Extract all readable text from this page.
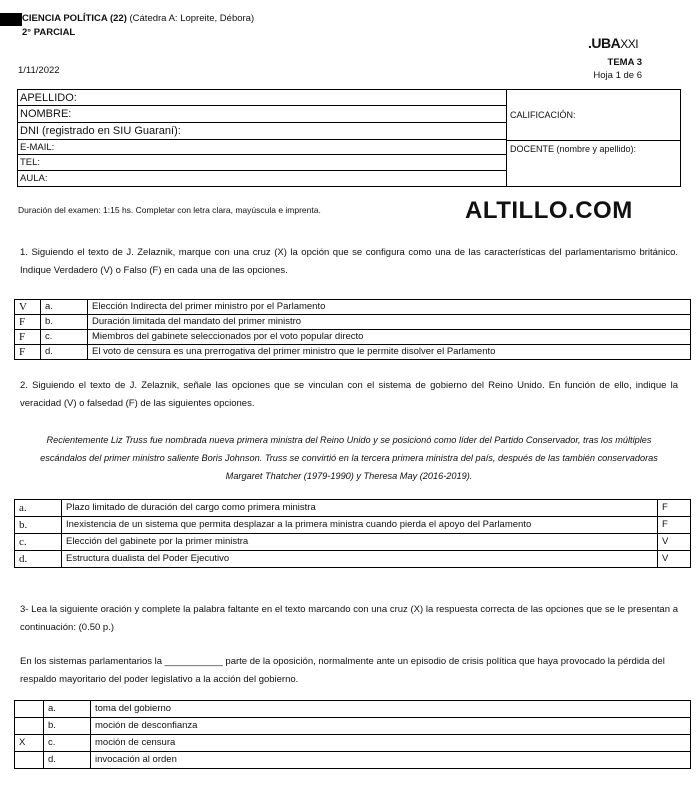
CIENCIA POLÍTICA (22) (Cátedra A: Lopreite, Débora)
2° PARCIAL
.UBAXXI
1/11/2022
TEMA 3
Hoja 1 de 6
APELLIDO:
NOMBRE:
DNI (registrado en SIU Guaraní):
E-MAIL:
TEL:
AULA:
CALIFICACIÓN:
DOCENTE (nombre y apellido):
Duración del examen: 1:15 hs. Completar con letra clara, mayúscula e imprenta.	ALTILLO.COM
1. Siguiendo el texto de J. Zelaznik, marque con una cruz (X) la opción que se configura como una de las características del parlamentarismo británico. Indique Verdadero (V) o Falso (F) en cada una de las opciones.
V	a.	Elección Indirecta del primer ministro por el Parlamento
F	b.	Duración limitada del mandato del primer ministro
F	c.	Miembros del gabinete seleccionados por el voto popular directo
F	d.	El voto de censura es una prerrogativa del primer ministro que le permite disolver el Parlamento
2. Siguiendo el texto de J. Zelaznik, señale las opciones que se vinculan con el sistema de gobierno del Reino Unido. En función de ello, indique la veracidad (V) o falsedad (F) de las siguientes opciones.
Recientemente Liz Truss fue nombrada nueva primera ministra del Reino Unido y se posicionó como líder del Partido Conservador, tras los múltiples escándalos del primer ministro saliente Boris Johnson. Truss se convirtió en la tercera primera ministra del país, después de las también conservadoras Margaret Thatcher (1979-1990) y Theresa May (2016-2019).
a.	Plazo limitado de duración del cargo como primera ministra	F
b.	Inexistencia de un sistema que permita desplazar a la primera ministra cuando pierda el apoyo del Parlamento	F
c.	Elección del gabinete por la primer ministra	V
d.	Estructura dualista del Poder Ejecutivo	V
3- Lea la siguiente oración y complete la palabra faltante en el texto marcando con una cruz (X) la respuesta correcta de las opciones que se le presentan a continuación: (0.50 p.)
En los sistemas parlamentarios la ___________ parte de la oposición, normalmente ante un episodio de crisis política que haya provocado la pérdida del respaldo mayoritario del poder legislativo a la acción del gobierno.
	a.	toma del gobierno
	b.	moción de desconfianza
X	c.	moción de censura
	d.	invocación al orden
